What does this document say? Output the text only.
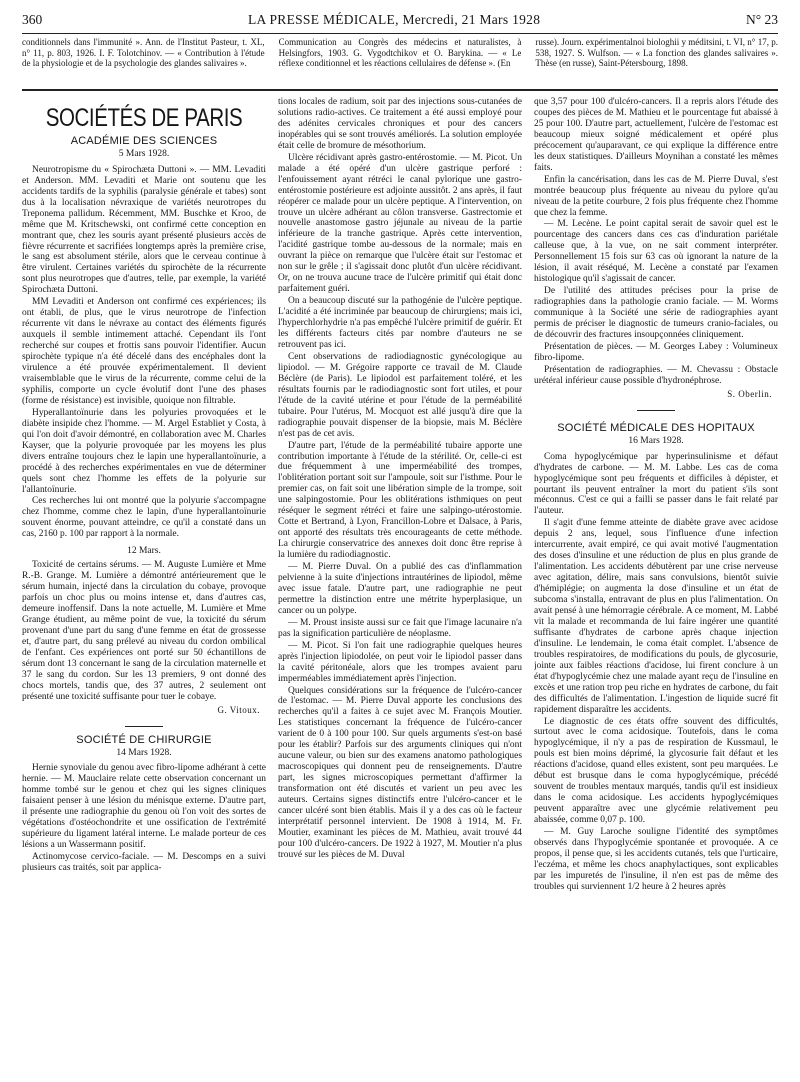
360	LA PRESSE MÉDICALE, Mercredi, 21 Mars 1928	N° 23

conditionnels dans l'immunité ». Ann. de l'Institut Pasteur, t. XL, n° 11, p. 803, 1926. I. F. Tolotchinov. — « Contribution à l'étude de la physiologie et de la psychologie des glandes salivaires ».

Communication au Congrès des médecins et naturalistes, à Helsingfors, 1903. G. Vygodtchikov et O. Barykina. — « Le réflexe conditionnel et les réactions cellulaires de défense ». (En

russe). Journ. expérimentalnoi biologhii y méditsini, t. VI, n° 17, p. 538, 1927. S. Wulfson. — « La fonction des glandes salivaires ». Thèse (en russe), Saint-Pétersbourg, 1898.

SOCIÉTÉS DE PARIS
ACADÉMIE DES SCIENCES
5 Mars 1928.

Neurotropisme du « Spirochæta Duttoni ». — MM. Levaditi et Anderson. MM. Levaditi et Marie ont soutenu que les accidents tardifs de la syphilis (paralysie générale et tabes) sont dus à la localisation névraxique de variétés neurotropes du Treponema pallidum. Récemment, MM. Buschke et Kroo, de même que M. Kritschewski, ont confirmé cette conception en montrant que, chez les souris ayant présenté plusieurs accès de fièvre récurrente et sacrifiées longtemps après la première crise, le sang est absolument stérile, alors que le cerveau continue à être virulent. Certaines variétés du spirochète de la récurrente sont plus neurotropes que d'autres, telle, par exemple, la variété Spirochæta Duttoni.

MM Levaditi et Anderson ont confirmé ces expériences; ils ont établi, de plus, que le virus neurotrope de l'infection récurrente vit dans le névraxe au contact des éléments figurés auxquels il semble intimement attaché. Cependant ils l'ont recherché sur coupes et frottis sans pouvoir l'identifier. Aucun spirochète typique n'a été décelé dans des encéphales dont la virulence a été prouvée expérimentalement. Il devient vraisemblable que le virus de la récurrente, comme celui de la syphilis, comporte un cycle évolutif dont l'une des phases (forme de résistance) est invisible, quoique non filtrable.

Hyperallantoïnurie dans les polyuries provoquées et le diabète insipide chez l'homme. — M. Argel Establiet y Costa, à qui l'on doit d'avoir démontré, en collaboration avec M. Charles Kayser, que la polyurie provoquée par les moyens les plus divers entraîne toujours chez le lapin une hyperallantoïnurie, a procédé à des recherches expérimentales en vue de déterminer quels sont chez l'homme les effets de la polyurie sur l'allantoïnurie.

Ces recherches lui ont montré que la polyurie s'accompagne chez l'homme, comme chez le lapin, d'une hyperallantoïnurie souvent énorme, pouvant atteindre, ce qu'il a constaté dans un cas, 2160 p. 100 par rapport à la normale.

12 Mars.

Toxicité de certains sérums. — M. Auguste Lumière et Mme R.-B. Grange. M. Lumière a démontré antérieurement que le sérum humain, injecté dans la circulation du cobaye, provoque parfois un choc plus ou moins intense et, dans d'autres cas, demeure inoffensif. Dans la note actuelle, M. Lumière et Mme Grange étudient, au même point de vue, la toxicité du sérum provenant d'une part du sang d'une femme en état de grossesse et, d'autre part, du sang prélevé au niveau du cordon ombilical de l'enfant. Ces expériences ont porté sur 50 échantillons de sérum dont 13 concernant le sang de la circulation maternelle et 37 le sang du cordon. Sur les 13 premiers, 9 ont donné des chocs mortels, tandis que, des 37 autres, 2 seulement ont présenté une toxicité suffisante pour tuer le cobaye.

G. Vitoux.
SOCIÉTÉ DE CHIRURGIE
14 Mars 1928.

Hernie synoviale du genou avec fibro-lipome adhérant à cette hernie. — M. Mauclaire relate cette observation concernant un homme tombé sur le genou et chez qui les signes cliniques faisaient penser à une lésion du ménisque externe. D'autre part, il présente une radiographie du genou où l'on voit des sortes de végétations d'ostéochondrite et une ossification de l'extrémité supérieure du ligament latéral interne. Le malade porteur de ces lésions a un Wassermann positif.

Actinomycose cervico-faciale. — M. Descomps en a suivi plusieurs cas traités, soit par applica-

tions locales de radium, soit par des injections sous-cutanées de solutions radio-actives. Ce traitement a été aussi employé pour des adénites cervicales chroniques et pour des cancers inopérables qui se sont trouvés améliorés. La solution employée était celle de bromure de mésothorium.

Ulcère récidivant après gastro-entérostomie. — M. Picot. Un malade a été opéré d'un ulcère gastrique perforé : l'enfouissement ayant rétréci le canal pylorique une gastro-entérostomie postérieure est adjointe aussitôt. 2 ans après, il faut réopérer ce malade pour un ulcère peptique. A l'intervention, on trouve un ulcère adhérant au côlon transverse. Gastrectomie et nouvelle anastomose gastro jéjunale au niveau de la partie inférieure de la tranche gastrique. Après cette intervention, l'acidité gastrique tombe au-dessous de la normale; mais en ouvrant la pièce on remarque que l'ulcère était sur l'estomac et non sur le grêle ; il s'agissait donc plutôt d'un ulcère récidivant. Or, on ne trouva aucune trace de l'ulcère primitif qui était donc parfaitement guéri.

On a beaucoup discuté sur la pathogénie de l'ulcère peptique. L'acidité a été incriminée par beaucoup de chirurgiens; mais ici, l'hyperchlorhydrie n'a pas empêché l'ulcère primitif de guérir. Et les différents facteurs cités par nombre d'auteurs ne se retrouvent pas ici.

Cent observations de radiodiagnostic gynécologique au lipiodol. — M. Grégoire rapporte ce travail de M. Claude Béclère (de Paris). Le lipiodol est parfaitement toléré, et les résultats fournis par le radiodiagnostic sont fort utiles, et pour l'étude de la cavité utérine et pour l'étude de la perméabilité tubaire. Pour l'utérus, M. Mocquot est allé jusqu'à dire que la radiographie pouvait dispenser de la biopsie, mais M. Béclère n'est pas de cet avis.

D'autre part, l'étude de la perméabilité tubaire apporte une contribution importante à l'étude de la stérilité. Or, celle-ci est due fréquemment à une imperméabilité des trompes, l'oblitération portant soit sur l'ampoule, soit sur l'isthme. Pour le premier cas, on fait soit une libération simple de la trompe, soit une salpingostomie. Pour les oblitérations isthmiques on peut réséquer le segment rétréci et faire une salpingo-utérostomie. Cotte et Bertrand, à Lyon, Francillon-Lobre et Dalsace, à Paris, ont apporté des résultats très encourageants de cette méthode. La chirurgie conservatrice des annexes doit donc être reprise à la lumière du radiodiagnostic.

— M. Pierre Duval. On a publié des cas d'inflammation pelvienne à la suite d'injections intrautérines de lipiodol, même avec issue fatale. D'autre part, une radiographie ne peut permettre la distinction entre une métrite hyperplasique, un cancer ou un polype.

— M. Proust insiste aussi sur ce fait que l'image lacunaire n'a pas la signification particulière de néoplasme.

— M. Picot. Si l'on fait une radiographie quelques heures après l'injection lipiodolée, on peut voir le lipiodol passer dans la cavité péritonéale, alors que les trompes avaient paru imperméables immédiatement après l'injection.

Quelques considérations sur la fréquence de l'ulcéro-cancer de l'estomac. — M. Pierre Duval apporte les conclusions des recherches qu'il a faites à ce sujet avec M. François Moutier. Les statistiques concernant la fréquence de l'ulcéro-cancer varient de 0 à 100 pour 100. Sur quels arguments s'est-on basé pour les établir? Parfois sur des arguments cliniques qui n'ont aucune valeur, ou bien sur des examens anatomo pathologiques macroscopiques qui donnent peu de renseignements. D'autre part, les signes microscopiques permettant d'affirmer la transformation ont été discutés et varient un peu avec les auteurs. Certains signes distinctifs entre l'ulcéro-cancer et le cancer ulcéré sont bien établis. Mais il y a des cas où le facteur interprétatif personnel intervient. De 1908 à 1914, M. Fr. Moutier, examinant les pièces de M. Mathieu, avait trouvé 44 pour 100 d'ulcéro-cancers. De 1922 à 1927, M. Moutier n'a plus trouvé sur les pièces de M. Duval

que 3,57 pour 100 d'ulcéro-cancers. Il a repris alors l'étude des coupes des pièces de M. Mathieu et le pourcentage fut abaissé à 25 pour 100. D'autre part, actuellement, l'ulcère de l'estomac est beaucoup mieux soigné médicalement et opéré plus précocement qu'auparavant, ce qui explique la différence entre les deux statistiques. D'ailleurs Moynihan a constaté les mêmes faits.

Enfin la cancérisation, dans les cas de M. Pierre Duval, s'est montrée beaucoup plus fréquente au niveau du pylore qu'au niveau de la petite courbure, 2 fois plus fréquente chez l'homme que chez la femme.

— M. Lecène. Le point capital serait de savoir quel est le pourcentage des cancers dans ces cas d'induration pariétale calleuse que, à la vue, on ne sait comment interpréter. Personnellement 15 fois sur 63 cas où ignorant la nature de la lésion, il avait réséqué, M. Lecène a constaté par l'examen histologique qu'il s'agissait de cancer.

De l'utilité des attitudes précises pour la prise de radiographies dans la pathologie cranio faciale. — M. Worms communique à la Société une série de radiographies ayant permis de préciser le diagnostic de tumeurs cranio-faciales, ou de découvrir des fractures insoupçonnées cliniquement.

Présentation de pièces. — M. Georges Labey : Volumineux fibro-lipome.

Présentation de radiographies. — M. Chevassu : Obstacle urétéral inférieur cause possible d'hydronéphrose.

S. Oberlin.
SOCIÉTÉ MÉDICALE DES HOPITAUX
16 Mars 1928.

Coma hypoglycémique par hyperinsulinisme et défaut d'hydrates de carbone. — M. M. Labbe. Les cas de coma hypoglycémique sont peu fréquents et difficiles à dépister, et pourtant ils peuvent entraîner la mort du patient s'ils sont méconnus. C'est ce qui a failli se passer dans le fait relaté par l'auteur.

Il s'agit d'une femme atteinte de diabète grave avec acidose depuis 2 ans, lequel, sous l'influence d'une infection intercurrente, avait empiré, ce qui avait motivé l'augmentation des doses d'insuline et une réduction de plus en plus grande de l'alimentation. Les accidents débutèrent par une crise nerveuse avec agitation, délire, mais sans convulsions, bientôt suivie d'hémiplégie; on augmenta la dose d'insuline et un état de subcoma s'installa, entravant de plus en plus l'alimentation. On avait pensé à une hémorragie cérébrale. A ce moment, M. Labbé vit la malade et recommanda de lui faire ingérer une quantité suffisante d'hydrates de carbone après chaque injection d'insuline. Le lendemain, le coma était complet. L'absence de troubles respiratoires, de modifications du pouls, de glycosurie, jointe aux faibles réactions d'acidose, lui firent conclure à un état d'hypoglycémie chez une malade ayant reçu de l'insuline en excès et une ration trop peu riche en hydrates de carbone, du fait des difficultés de l'alimentation. L'ingestion de liquide sucré fit rapidement disparaître les accidents.

Le diagnostic de ces états offre souvent des difficultés, surtout avec le coma acidosique. Toutefois, dans le coma hypoglycémique, il n'y a pas de respiration de Kussmaul, le pouls est bien moins déprimé, la glycosurie fait défaut et les réactions d'acidose, quand elles existent, sont peu marquées. Le début est brusque dans le coma hypoglycémique, précédé souvent de troubles mentaux marqués, tandis qu'il est insidieux dans le coma acidosique. Les accidents hypoglycémiques peuvent apparaître avec une glycémie relativement peu abaissée, comme 0,07 p. 100.

— M. Guy Laroche souligne l'identité des symptômes observés dans l'hypoglycémie spontanée et provoquée. A ce propos, il pense que, si les accidents cutanés, tels que l'urticaire, l'eczéma, et même les chocs anaphylactiques, sont explicables par les impuretés de l'insuline, il n'en est pas de même des troubles qui surviennent 1/2 heure à 2 heures après
